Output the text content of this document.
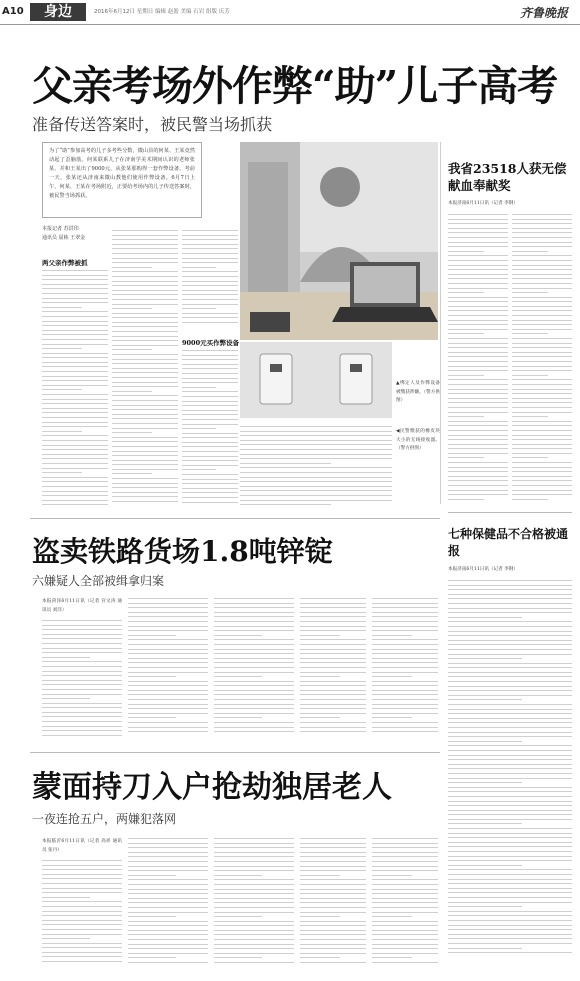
A10	身边	2016年6月12日 星期日 编辑 赵澹 美编 石岩 组版 庆芳	齐鲁晚报
父亲考场外作弊“助”儿子高考
准备传送答案时，被民警当场抓获
为了“助”参加高考的儿子多考些分数，微山县的何某、王某竟然动起了歪脑筋。何某联系儿子在济南学美术期间认识的老师张某，并和王某出了9000元，从张某那购得一套作弊设备。考前一天，张某还从济南来微山教他们使用作弊设备。6月7日上午，何某、王某在考场附近，正要给考场内的儿子传送答案时，被民警当场抓获。
本报记者 苏洪印
通讯员 屈栋 王翠金
两父亲作弊被抓
9000元买作弊设备
▲绑定人及作弊设备被缴获涉嫌。（警方供图）
◀民警缴获的橡皮块大小的无线接收器。（警方供图）
我省23518人获无偿献血奉献奖
本报济南6月11日讯（记者 李钢）
盗卖铁路货场1.8吨锌锭
六嫌疑人全部被缉拿归案
本报菏泽6月11日讯（记者 宫文涛 通讯员 刘洋）
七种保健品不合格被通报
本报济南6月11日讯（记者 李钢）
蒙面持刀入户抢劫独居老人
一夜连抢五户，两嫌犯落网
本报临沂6月11日讯（记者 高祥 通讯员 张丹）
